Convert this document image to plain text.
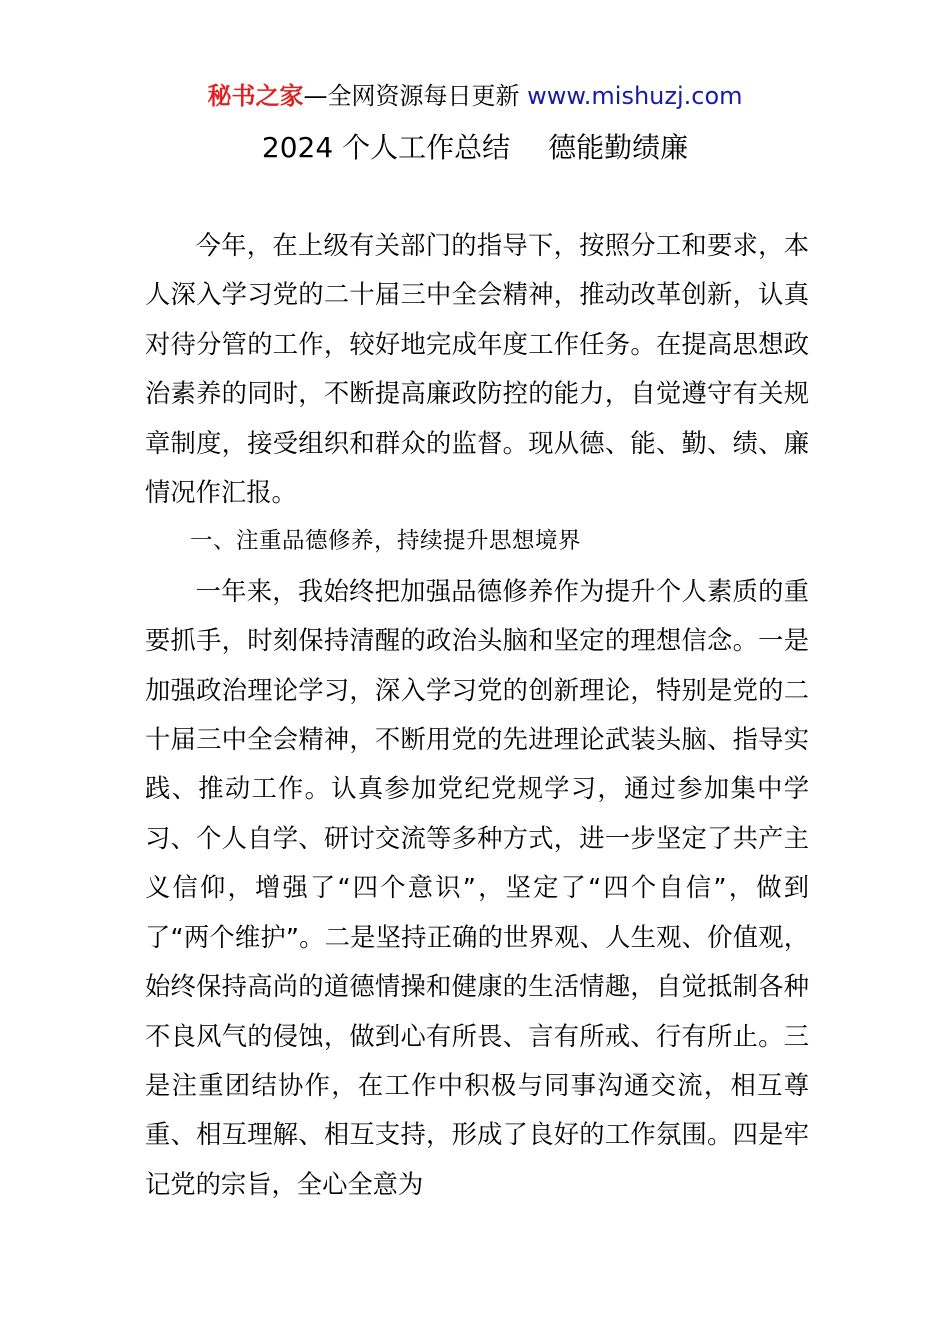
秘书之家—全网资源每日更新 www.mishuzj.com
2024 个人工作总结 德能勤绩廉

今年，在上级有关部门的指导下，按照分工和要求，本人深入学习党的二十届三中全会精神，推动改革创新，认真对待分管的工作，较好地完成年度工作任务。在提高思想政治素养的同时，不断提高廉政防控的能力，自觉遵守有关规章制度，接受组织和群众的监督。现从德、能、勤、绩、廉情况作汇报。

一、注重品德修养，持续提升思想境界

一年来，我始终把加强品德修养作为提升个人素质的重要抓手，时刻保持清醒的政治头脑和坚定的理想信念。一是加强政治理论学习，深入学习党的创新理论，特别是党的二十届三中全会精神，不断用党的先进理论武装头脑、指导实践、推动工作。认真参加党纪党规学习，通过参加集中学习、个人自学、研讨交流等多种方式，进一步坚定了共产主义信仰，增强了“四个意识”，坚定了“四个自信”，做到了“两个维护”。二是坚持正确的世界观、人生观、价值观，始终保持高尚的道德情操和健康的生活情趣，自觉抵制各种不良风气的侵蚀，做到心有所畏、言有所戒、行有所止。三是注重团结协作，在工作中积极与同事沟通交流，相互尊重、相互理解、相互支持，形成了良好的工作氛围。四是牢记党的宗旨，全心全意为
